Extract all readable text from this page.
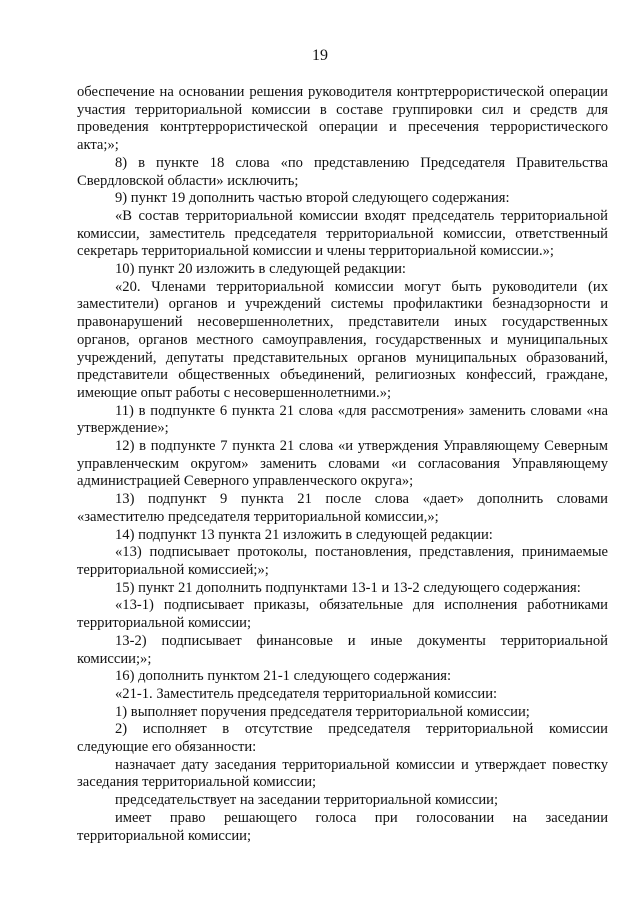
19

обеспечение на основании решения руководителя контртеррористической операции участия территориальной комиссии в составе группировки сил и средств для проведения контртеррористической операции и пресечения террористического акта;»;

8) в пункте 18 слова «по представлению Председателя Правительства Свердловской области» исключить;

9) пункт 19 дополнить частью второй следующего содержания:

«В состав территориальной комиссии входят председатель территориальной комиссии, заместитель председателя территориальной комиссии, ответственный секретарь территориальной комиссии и члены территориальной комиссии.»;

10) пункт 20 изложить в следующей редакции:

«20. Членами территориальной комиссии могут быть руководители (их заместители) органов и учреждений системы профилактики безнадзорности и правонарушений несовершеннолетних, представители иных государственных органов, органов местного самоуправления, государственных и муниципальных учреждений, депутаты представительных органов муниципальных образований, представители общественных объединений, религиозных конфессий, граждане, имеющие опыт работы с несовершеннолетними.»;

11) в подпункте 6 пункта 21 слова «для рассмотрения» заменить словами «на утверждение»;

12) в подпункте 7 пункта 21 слова «и утверждения Управляющему Северным управленческим округом» заменить словами «и согласования Управляющему администрацией Северного управленческого округа»;

13) подпункт 9 пункта 21 после слова «дает» дополнить словами «заместителю председателя территориальной комиссии,»;

14) подпункт 13 пункта 21 изложить в следующей редакции:

«13) подписывает протоколы, постановления, представления, принимаемые территориальной комиссией;»;

15) пункт 21 дополнить подпунктами 13-1 и 13-2 следующего содержания:

«13-1) подписывает приказы, обязательные для исполнения работниками территориальной комиссии;

13-2) подписывает финансовые и иные документы территориальной комиссии;»;

16) дополнить пунктом 21-1 следующего содержания:

«21-1. Заместитель председателя территориальной комиссии:

1) выполняет поручения председателя территориальной комиссии;

2) исполняет в отсутствие председателя территориальной комиссии следующие его обязанности:

назначает дату заседания территориальной комиссии и утверждает повестку заседания территориальной комиссии;

председательствует на заседании территориальной комиссии;

имеет право решающего голоса при голосовании на заседании территориальной комиссии;
